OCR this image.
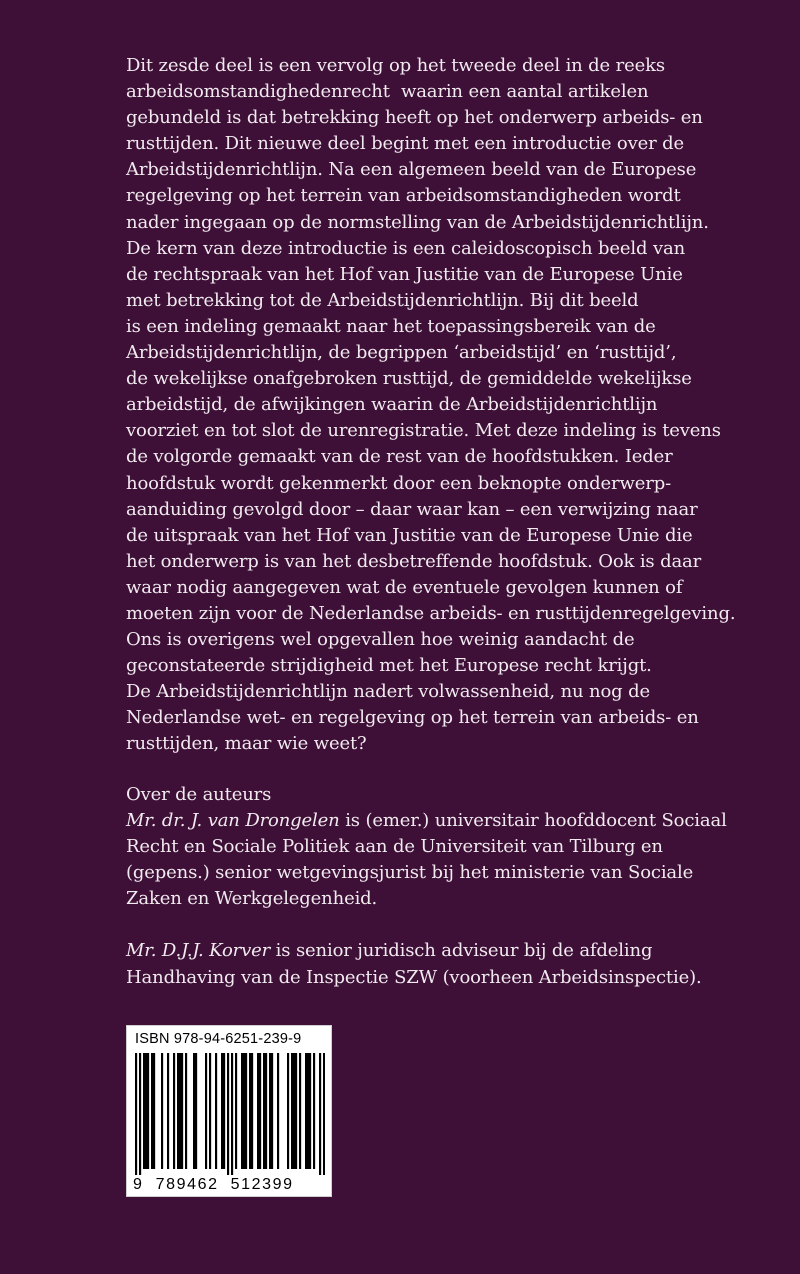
Dit zesde deel is een vervolg op het tweede deel in de reeks
arbeidsomstandighedenrecht  waarin een aantal artikelen
gebundeld is dat betrekking heeft op het onderwerp arbeids- en
rusttijden. Dit nieuwe deel begint met een introductie over de
Arbeidstijdenrichtlijn. Na een algemeen beeld van de Europese
regelgeving op het terrein van arbeidsomstandigheden wordt
nader ingegaan op de normstelling van de Arbeidstijdenrichtlijn.
De kern van deze introductie is een caleidoscopisch beeld van
de rechtspraak van het Hof van Justitie van de Europese Unie
met betrekking tot de Arbeidstijdenrichtlijn. Bij dit beeld
is een indeling gemaakt naar het toepassingsbereik van de
Arbeidstijdenrichtlijn, de begrippen ‘arbeidstijd’ en ‘rusttijd’,
de wekelijkse onafgebroken rusttijd, de gemiddelde wekelijkse
arbeidstijd, de afwijkingen waarin de Arbeidstijdenrichtlijn
voorziet en tot slot de urenregistratie. Met deze indeling is tevens
de volgorde gemaakt van de rest van de hoofdstukken. Ieder
hoofdstuk wordt gekenmerkt door een beknopte onderwerp-
aanduiding gevolgd door – daar waar kan – een verwijzing naar
de uitspraak van het Hof van Justitie van de Europese Unie die
het onderwerp is van het desbetreffende hoofdstuk. Ook is daar
waar nodig aangegeven wat de eventuele gevolgen kunnen of
moeten zijn voor de Nederlandse arbeids- en rusttijdenregelgeving.
Ons is overigens wel opgevallen hoe weinig aandacht de
geconstateerde strijdigheid met het Europese recht krijgt.
De Arbeidstijdenrichtlijn nadert volwassenheid, nu nog de
Nederlandse wet- en regelgeving op het terrein van arbeids- en
rusttijden, maar wie weet?
Over de auteurs
Mr. dr. J. van Drongelen is (emer.) universitair hoofddocent Sociaal
Recht en Sociale Politiek aan de Universiteit van Tilburg en
(gepens.) senior wetgevingsjurist bij het ministerie van Sociale
Zaken en Werkgelegenheid.
Mr. D.J.J. Korver is senior juridisch adviseur bij de afdeling
Handhaving van de Inspectie SZW (voorheen Arbeidsinspectie).
ISBN 978-94-6251-239-9
9  789462  512399
